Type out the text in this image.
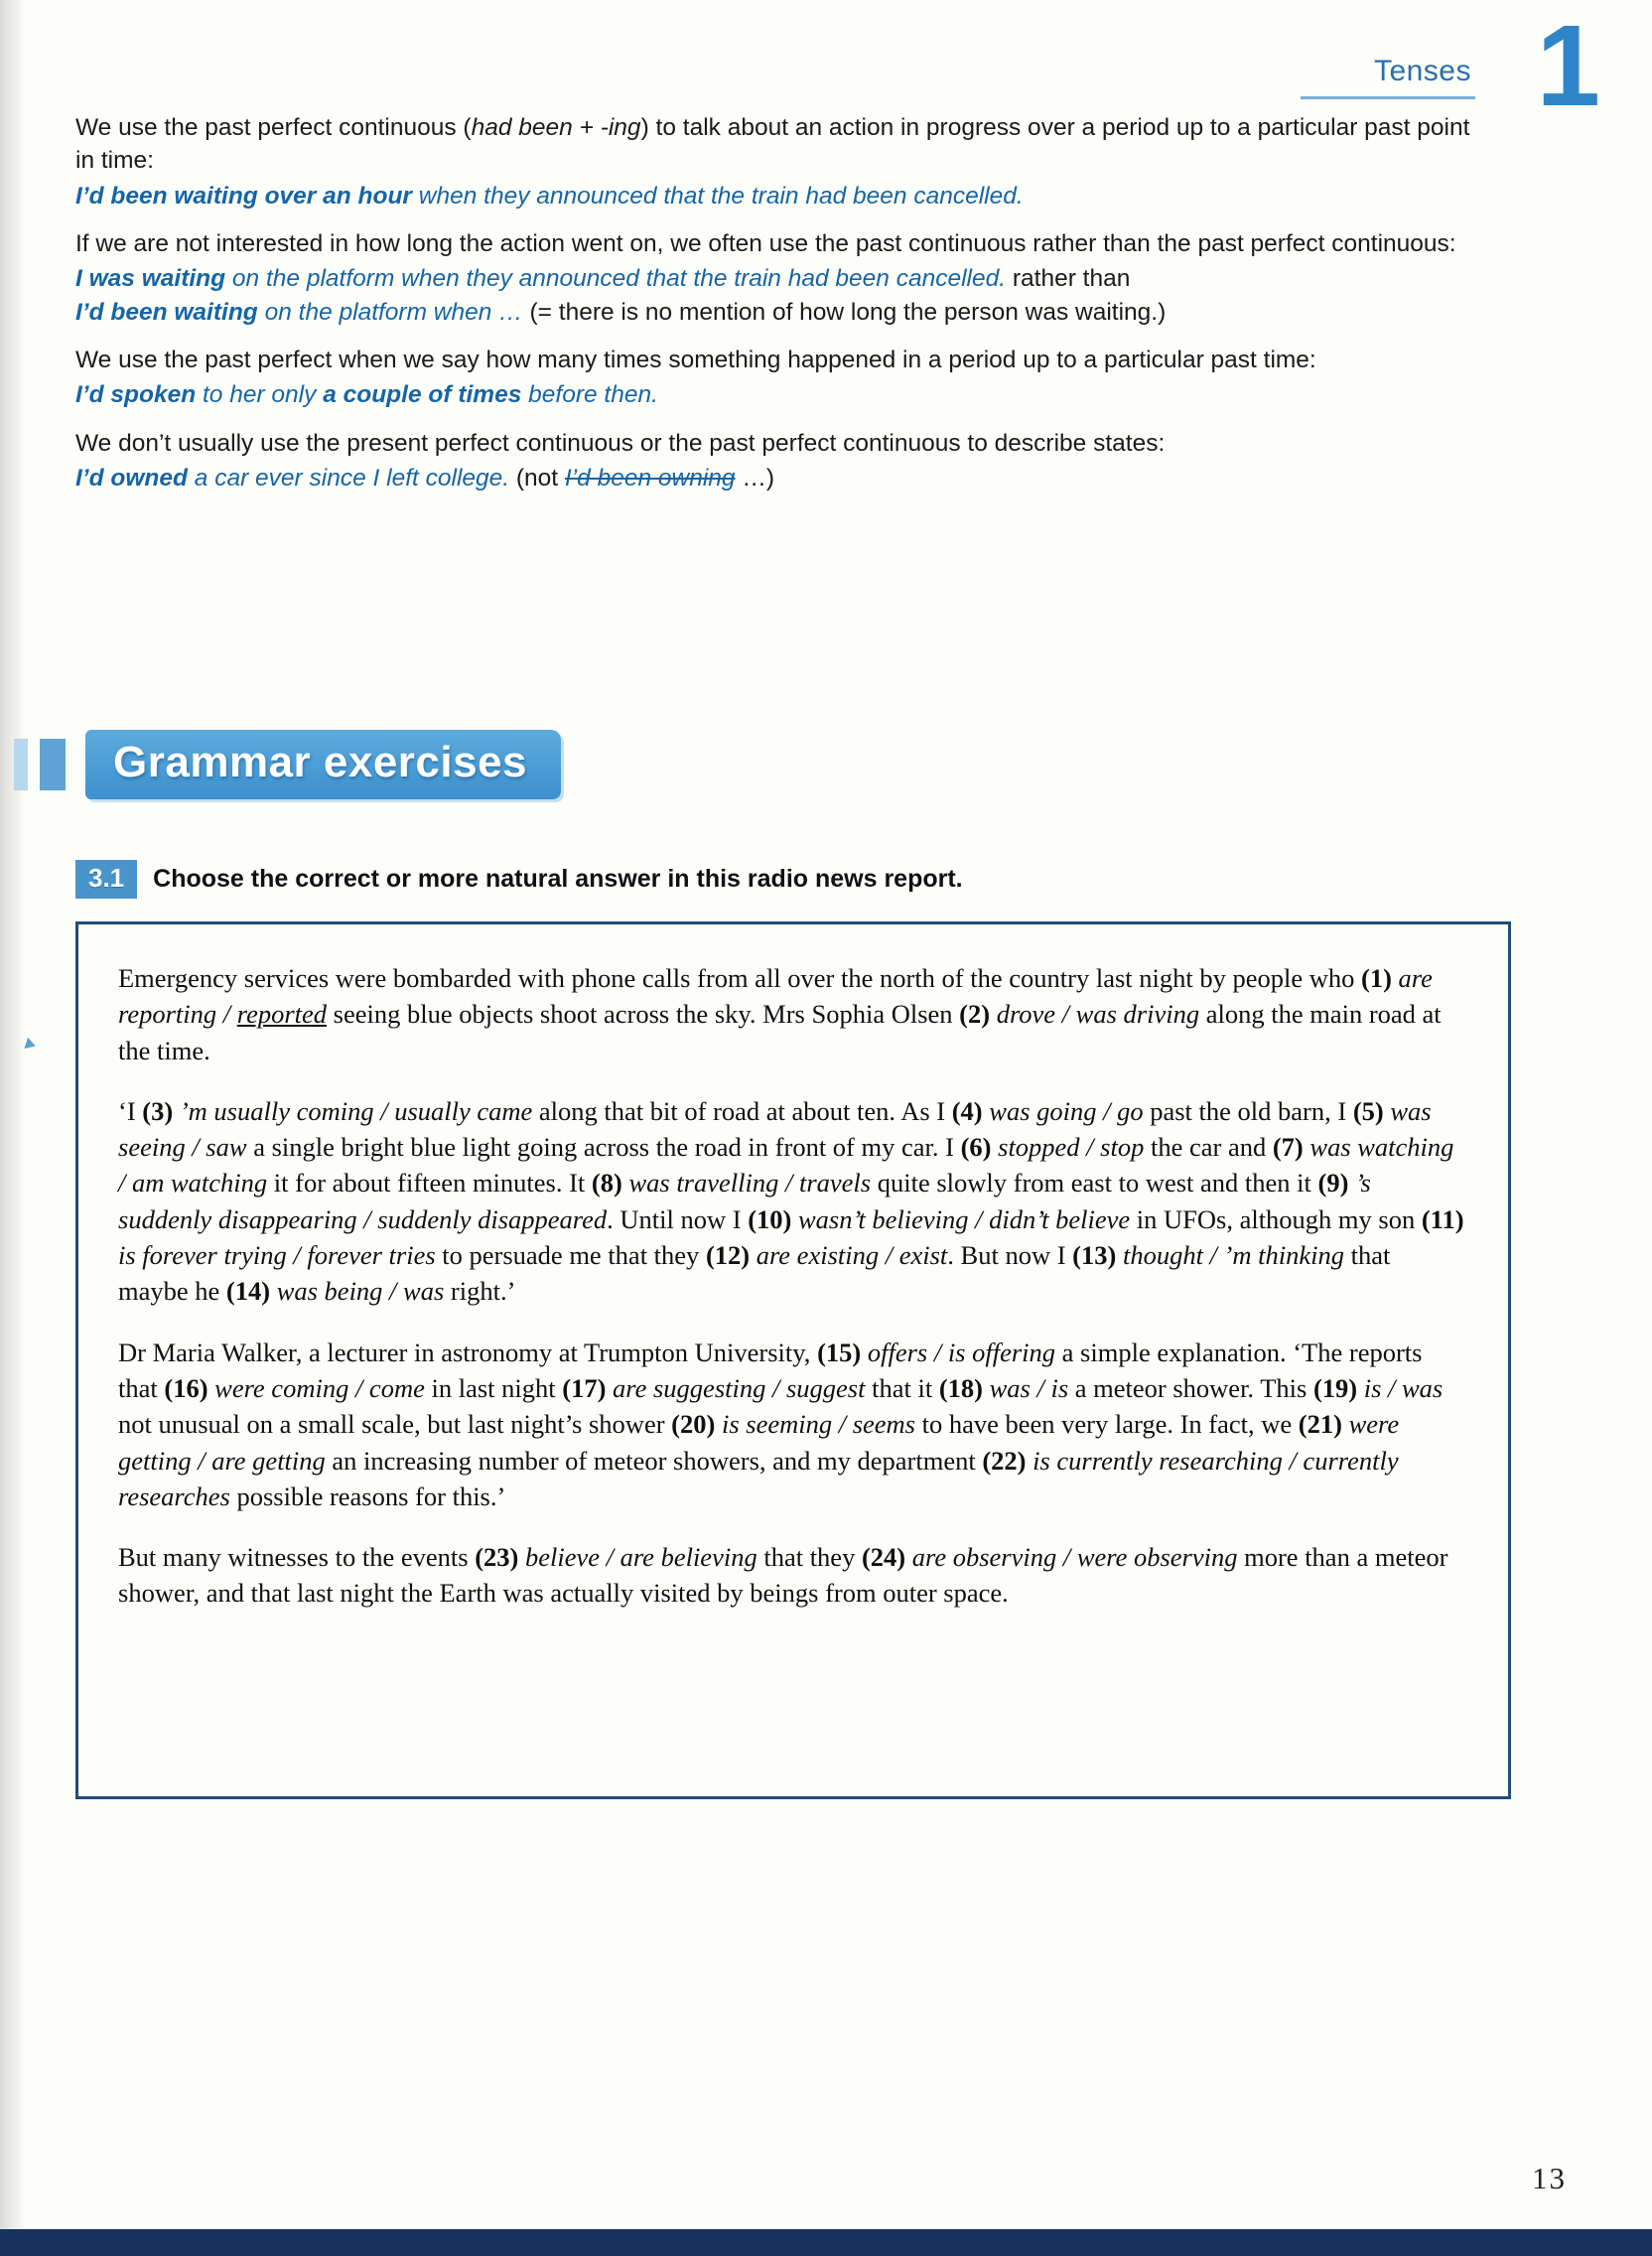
Tenses 1

We use the past perfect continuous (had been + -ing) to talk about an action in progress over a period up to a particular past point in time:

I’d been waiting over an hour when they announced that the train had been cancelled.

If we are not interested in how long the action went on, we often use the past continuous rather than the past perfect continuous:

I was waiting on the platform when they announced that the train had been cancelled. rather than

I’d been waiting on the platform when … (= there is no mention of how long the person was waiting.)

We use the past perfect when we say how many times something happened in a period up to a particular past time:

I’d spoken to her only a couple of times before then.

We don’t usually use the present perfect continuous or the past perfect continuous to describe states:

I’d owned a car ever since I left college. (not I’d been owning …)

Grammar exercises
3.1	Choose the correct or more natural answer in this radio news report.

Emergency services were bombarded with phone calls from all over the north of the country last night by people who (1) are reporting / reported seeing blue objects shoot across the sky. Mrs Sophia Olsen (2) drove / was driving along the main road at the time.

‘I (3) ’m usually coming / usually came along that bit of road at about ten. As I (4) was going / go past the old barn, I (5) was seeing / saw a single bright blue light going across the road in front of my car. I (6) stopped / stop the car and (7) was watching / am watching it for about fifteen minutes. It (8) was travelling / travels quite slowly from east to west and then it (9) ’s suddenly disappearing / suddenly disappeared. Until now I (10) wasn’t believing / didn’t believe in UFOs, although my son (11) is forever trying / forever tries to persuade me that they (12) are existing / exist. But now I (13) thought / ’m thinking that maybe he (14) was being / was right.’

Dr Maria Walker, a lecturer in astronomy at Trumpton University, (15) offers / is offering a simple explanation. ‘The reports that (16) were coming / come in last night (17) are suggesting / suggest that it (18) was / is a meteor shower. This (19) is / was not unusual on a small scale, but last night’s shower (20) is seeming / seems to have been very large. In fact, we (21) were getting / are getting an increasing number of meteor showers, and my department (22) is currently researching / currently researches possible reasons for this.’

But many witnesses to the events (23) believe / are believing that they (24) are observing / were observing more than a meteor shower, and that last night the Earth was actually visited by beings from outer space.

13
